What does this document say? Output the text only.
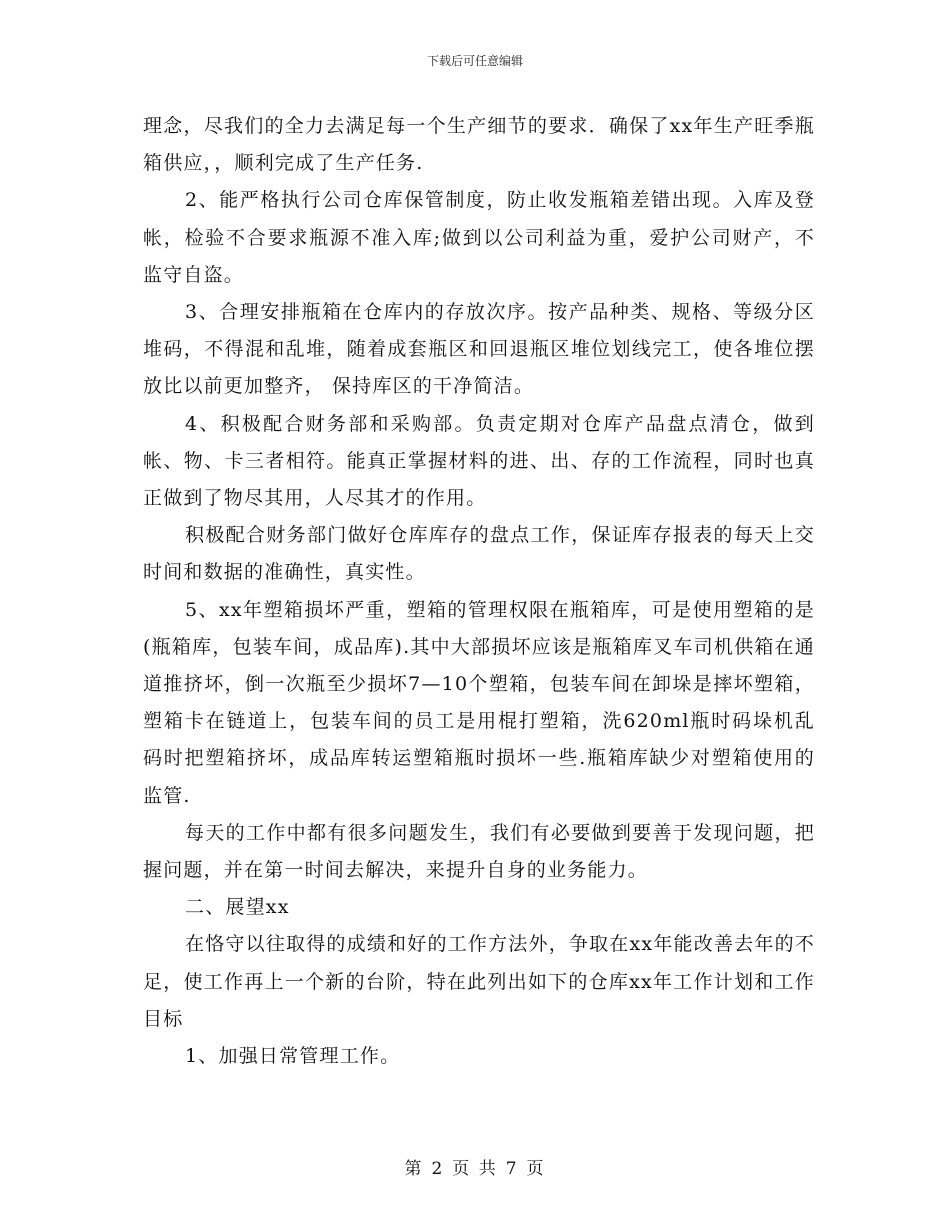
下载后可任意编辑

理念，尽我们的全力去满足每一个生产细节的要求．确保了xx年生产旺季瓶箱供应，，顺利完成了生产任务.

2、能严格执行公司仓库保管制度，防止收发瓶箱差错出现。入库及登帐，检验不合要求瓶源不准入库;做到以公司利益为重，爱护公司财产，不监守自盗。

3、合理安排瓶箱在仓库内的存放次序。按产品种类、规格、等级分区堆码，不得混和乱堆，随着成套瓶区和回退瓶区堆位划线完工，使各堆位摆放比以前更加整齐， 保持库区的干净简洁。

4、积极配合财务部和采购部。负责定期对仓库产品盘点清仓，做到帐、物、卡三者相符。能真正掌握材料的进、出、存的工作流程，同时也真正做到了物尽其用，人尽其才的作用。

积极配合财务部门做好仓库库存的盘点工作，保证库存报表的每天上交时间和数据的准确性，真实性。

5、xx年塑箱损坏严重，塑箱的管理权限在瓶箱库，可是使用塑箱的是(瓶箱库，包装车间，成品库).其中大部损坏应该是瓶箱库叉车司机供箱在通道推挤坏，倒一次瓶至少损坏7—10个塑箱，包装车间在卸垛是摔坏塑箱，塑箱卡在链道上，包装车间的员工是用棍打塑箱，洗620ml瓶时码垛机乱码时把塑箱挤坏，成品库转运塑箱瓶时损坏一些.瓶箱库缺少对塑箱使用的监管.

每天的工作中都有很多问题发生，我们有必要做到要善于发现问题，把握问题，并在第一时间去解决，来提升自身的业务能力。

二、展望xx

在恪守以往取得的成绩和好的工作方法外，争取在xx年能改善去年的不足，使工作再上一个新的台阶，特在此列出如下的仓库xx年工作计划和工作目标

1、加强日常管理工作。

第 2 页 共 7 页
